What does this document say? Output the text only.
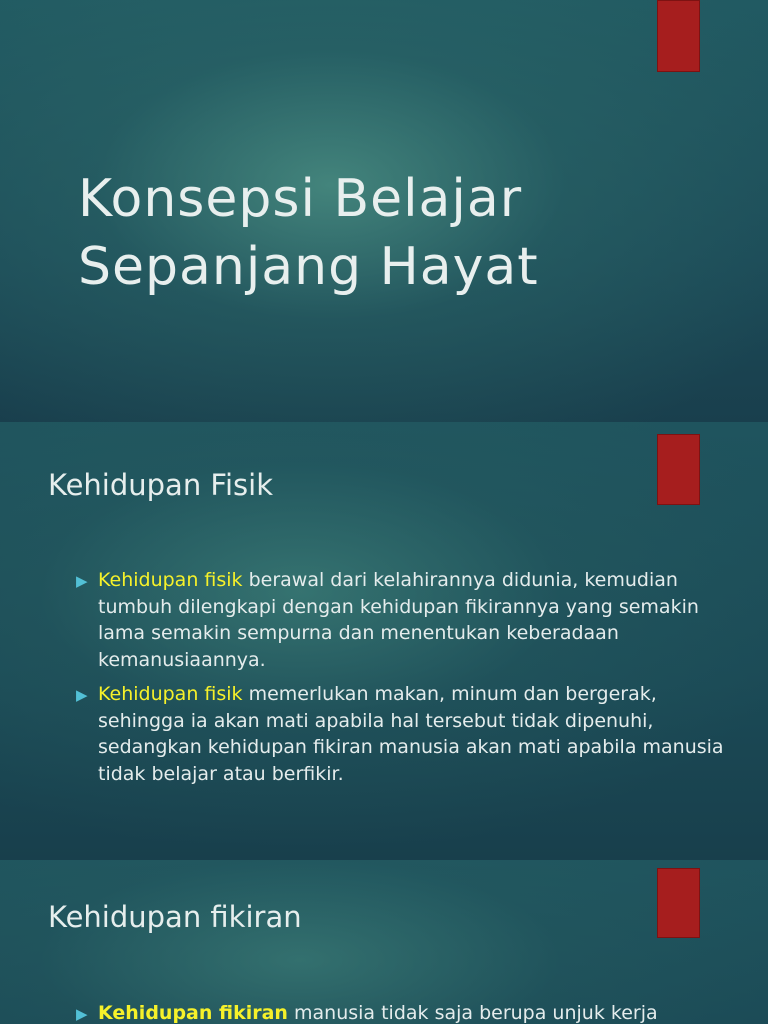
Konsepsi Belajar
Sepanjang Hayat
Kehidupan Fisik
▶ Kehidupan fisik berawal dari kelahirannya didunia, kemudian tumbuh dilengkapi dengan kehidupan fikirannya yang semakin lama semakin sempurna dan menentukan keberadaan kemanusiaannya.
▶ Kehidupan fisik memerlukan makan, minum dan bergerak, sehingga ia akan mati apabila hal tersebut tidak dipenuhi, sedangkan kehidupan fikiran manusia akan mati apabila manusia tidak belajar atau berfikir.
Kehidupan fikiran
▶ Kehidupan fikiran manusia tidak saja berupa unjuk kerja
